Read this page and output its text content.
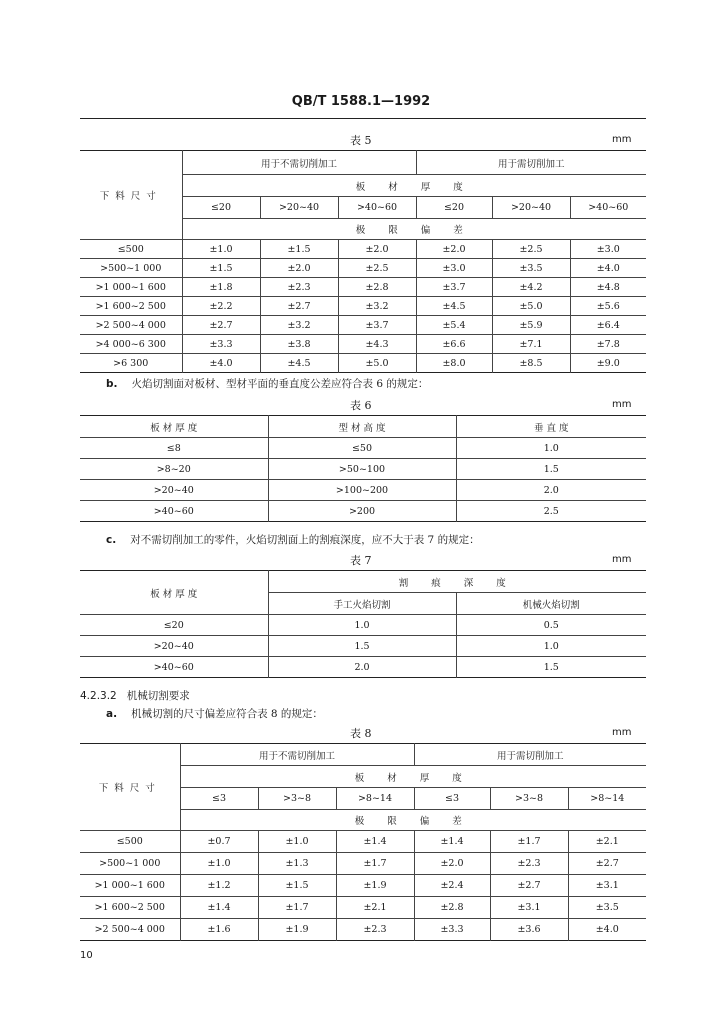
QB/T 1588.1—1992
表 5	mm
下料尺寸	用于不需切削加工			用于需切削加工		
	板 材 厚 度					
	≤20	>20~40	>40~60	≤20	>20~40	>40~60
	极 限 偏 差					
≤500	±1.0	±1.5	±2.0	±2.0	±2.5	±3.0
>500~1 000	±1.5	±2.0	±2.5	±3.0	±3.5	±4.0
>1 000~1 600	±1.8	±2.3	±2.8	±3.7	±4.2	±4.8
>1 600~2 500	±2.2	±2.7	±3.2	±4.5	±5.0	±5.6
>2 500~4 000	±2.7	±3.2	±3.7	±5.4	±5.9	±6.4
>4 000~6 300	±3.3	±3.8	±4.3	±6.6	±7.1	±7.8
>6 300	±4.0	±4.5	±5.0	±8.0	±8.5	±9.0
b. 火焰切割面对板材、型材平面的垂直度公差应符合表 6 的规定：
表 6	mm
板 材 厚 度	型 材 高 度	垂 直 度
≤8	≤50	1.0
>8~20	>50~100	1.5
>20~40	>100~200	2.0
>40~60	>200	2.5
c. 对不需切削加工的零件，火焰切割面上的割痕深度，应不大于表 7 的规定：
表 7	mm
板 材 厚 度	割 痕 深 度	
	手工火焰切割	机械火焰切割
≤20	1.0	0.5
>20~40	1.5	1.0
>40~60	2.0	1.5
4.2.3.2 机械切割要求
a. 机械切割的尺寸偏差应符合表 8 的规定：
表 8	mm
下料尺寸	用于不需切削加工			用于需切削加工		
	板 材 厚 度					
	≤3	>3~8	>8~14	≤3	>3~8	>8~14
	极 限 偏 差					
≤500	±0.7	±1.0	±1.4	±1.4	±1.7	±2.1
>500~1 000	±1.0	±1.3	±1.7	±2.0	±2.3	±2.7
>1 000~1 600	±1.2	±1.5	±1.9	±2.4	±2.7	±3.1
>1 600~2 500	±1.4	±1.7	±2.1	±2.8	±3.1	±3.5
>2 500~4 000	±1.6	±1.9	±2.3	±3.3	±3.6	±4.0
10
